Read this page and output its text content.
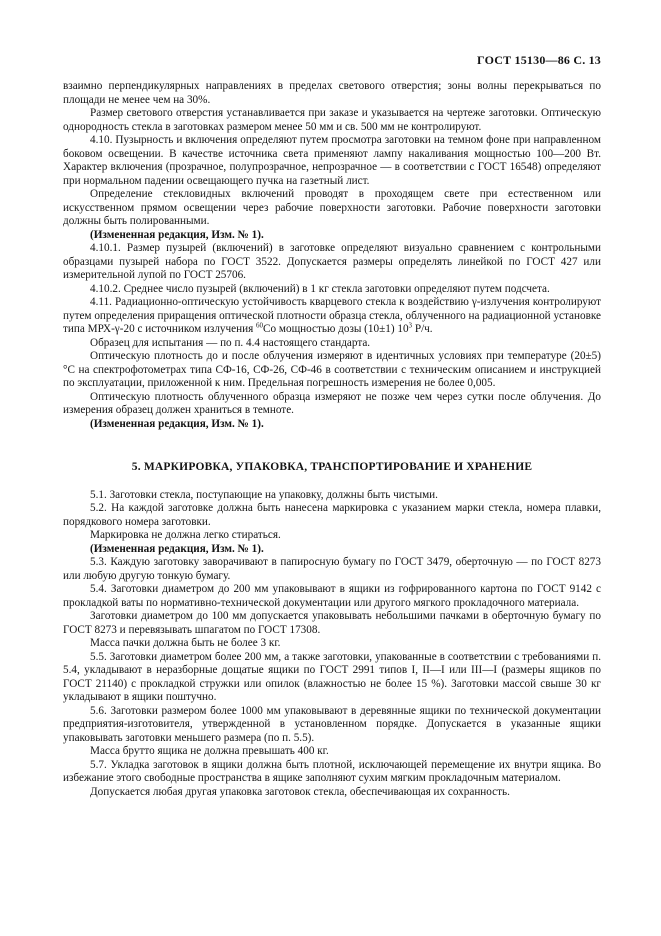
ГОСТ 15130—86 С. 13

взаимно перпендикулярных направлениях в пределах светового отверстия; зоны волны перекрываться по площади не менее чем на 30%.

Размер светового отверстия устанавливается при заказе и указывается на чертеже заготовки. Оптическую однородность стекла в заготовках размером менее 50 мм и св. 500 мм не контролируют.

4.10. Пузырность и включения определяют путем просмотра заготовки на темном фоне при направленном боковом освещении. В качестве источника света применяют лампу накаливания мощностью 100—200 Вт. Характер включения (прозрачное, полупрозрачное, непрозрачное — в соответствии с ГОСТ 16548) определяют при нормальном падении освещающего пучка на газетный лист.

Определение стекловидных включений проводят в проходящем свете при естественном или искусственном прямом освещении через рабочие поверхности заготовки. Рабочие поверхности заготовки должны быть полированными.

(Измененная редакция, Изм. № 1).

4.10.1. Размер пузырей (включений) в заготовке определяют визуально сравнением с контрольными образцами пузырей набора по ГОСТ 3522. Допускается размеры определять линейкой по ГОСТ 427 или измерительной лупой по ГОСТ 25706.

4.10.2. Среднее число пузырей (включений) в 1 кг стекла заготовки определяют путем подсчета.

4.11. Радиационно-оптическую устойчивость кварцевого стекла к воздействию γ-излучения контролируют путем определения приращения оптической плотности образца стекла, облученного на радиационной установке типа МРХ-γ-20 с источником излучения $^{60}$Со мощностью дозы (10±1) $10^3$ Р/ч.

Образец для испытания — по п. 4.4 настоящего стандарта.

Оптическую плотность до и после облучения измеряют в идентичных условиях при температуре (20±5) °С на спектрофотометрах типа СФ-16, СФ-26, СФ-46 в соответствии с техническим описанием и инструкцией по эксплуатации, приложенной к ним. Предельная погрешность измерения не более 0,005.

Оптическую плотность облученного образца измеряют не позже чем через сутки после облучения. До измерения образец должен храниться в темноте.

(Измененная редакция, Изм. № 1).

5. МАРКИРОВКА, УПАКОВКА, ТРАНСПОРТИРОВАНИЕ И ХРАНЕНИЕ

5.1. Заготовки стекла, поступающие на упаковку, должны быть чистыми.

5.2. На каждой заготовке должна быть нанесена маркировка с указанием марки стекла, номера плавки, порядкового номера заготовки.

Маркировка не должна легко стираться.

(Измененная редакция, Изм. № 1).

5.3. Каждую заготовку заворачивают в папиросную бумагу по ГОСТ 3479, оберточную — по ГОСТ 8273 или любую другую тонкую бумагу.

5.4. Заготовки диаметром до 200 мм упаковывают в ящики из гофрированного картона по ГОСТ 9142 с прокладкой ваты по нормативно-технической документации или другого мягкого прокладочного материала.

Заготовки диаметром до 100 мм допускается упаковывать небольшими пачками в оберточную бумагу по ГОСТ 8273 и перевязывать шпагатом по ГОСТ 17308.

Масса пачки должна быть не более 3 кг.

5.5. Заготовки диаметром более 200 мм, а также заготовки, упакованные в соответствии с требованиями п. 5.4, укладывают в неразборные дощатые ящики по ГОСТ 2991 типов I, II—I или III—I (размеры ящиков по ГОСТ 21140) с прокладкой стружки или опилок (влажностью не более 15 %). Заготовки массой свыше 30 кг укладывают в ящики поштучно.

5.6. Заготовки размером более 1000 мм упаковывают в деревянные ящики по технической документации предприятия-изготовителя, утвержденной в установленном порядке. Допускается в указанные ящики упаковывать заготовки меньшего размера (по п. 5.5).

Масса брутто ящика не должна превышать 400 кг.

5.7. Укладка заготовок в ящики должна быть плотной, исключающей перемещение их внутри ящика. Во избежание этого свободные пространства в ящике заполняют сухим мягким прокладочным материалом.

Допускается любая другая упаковка заготовок стекла, обеспечивающая их сохранность.
